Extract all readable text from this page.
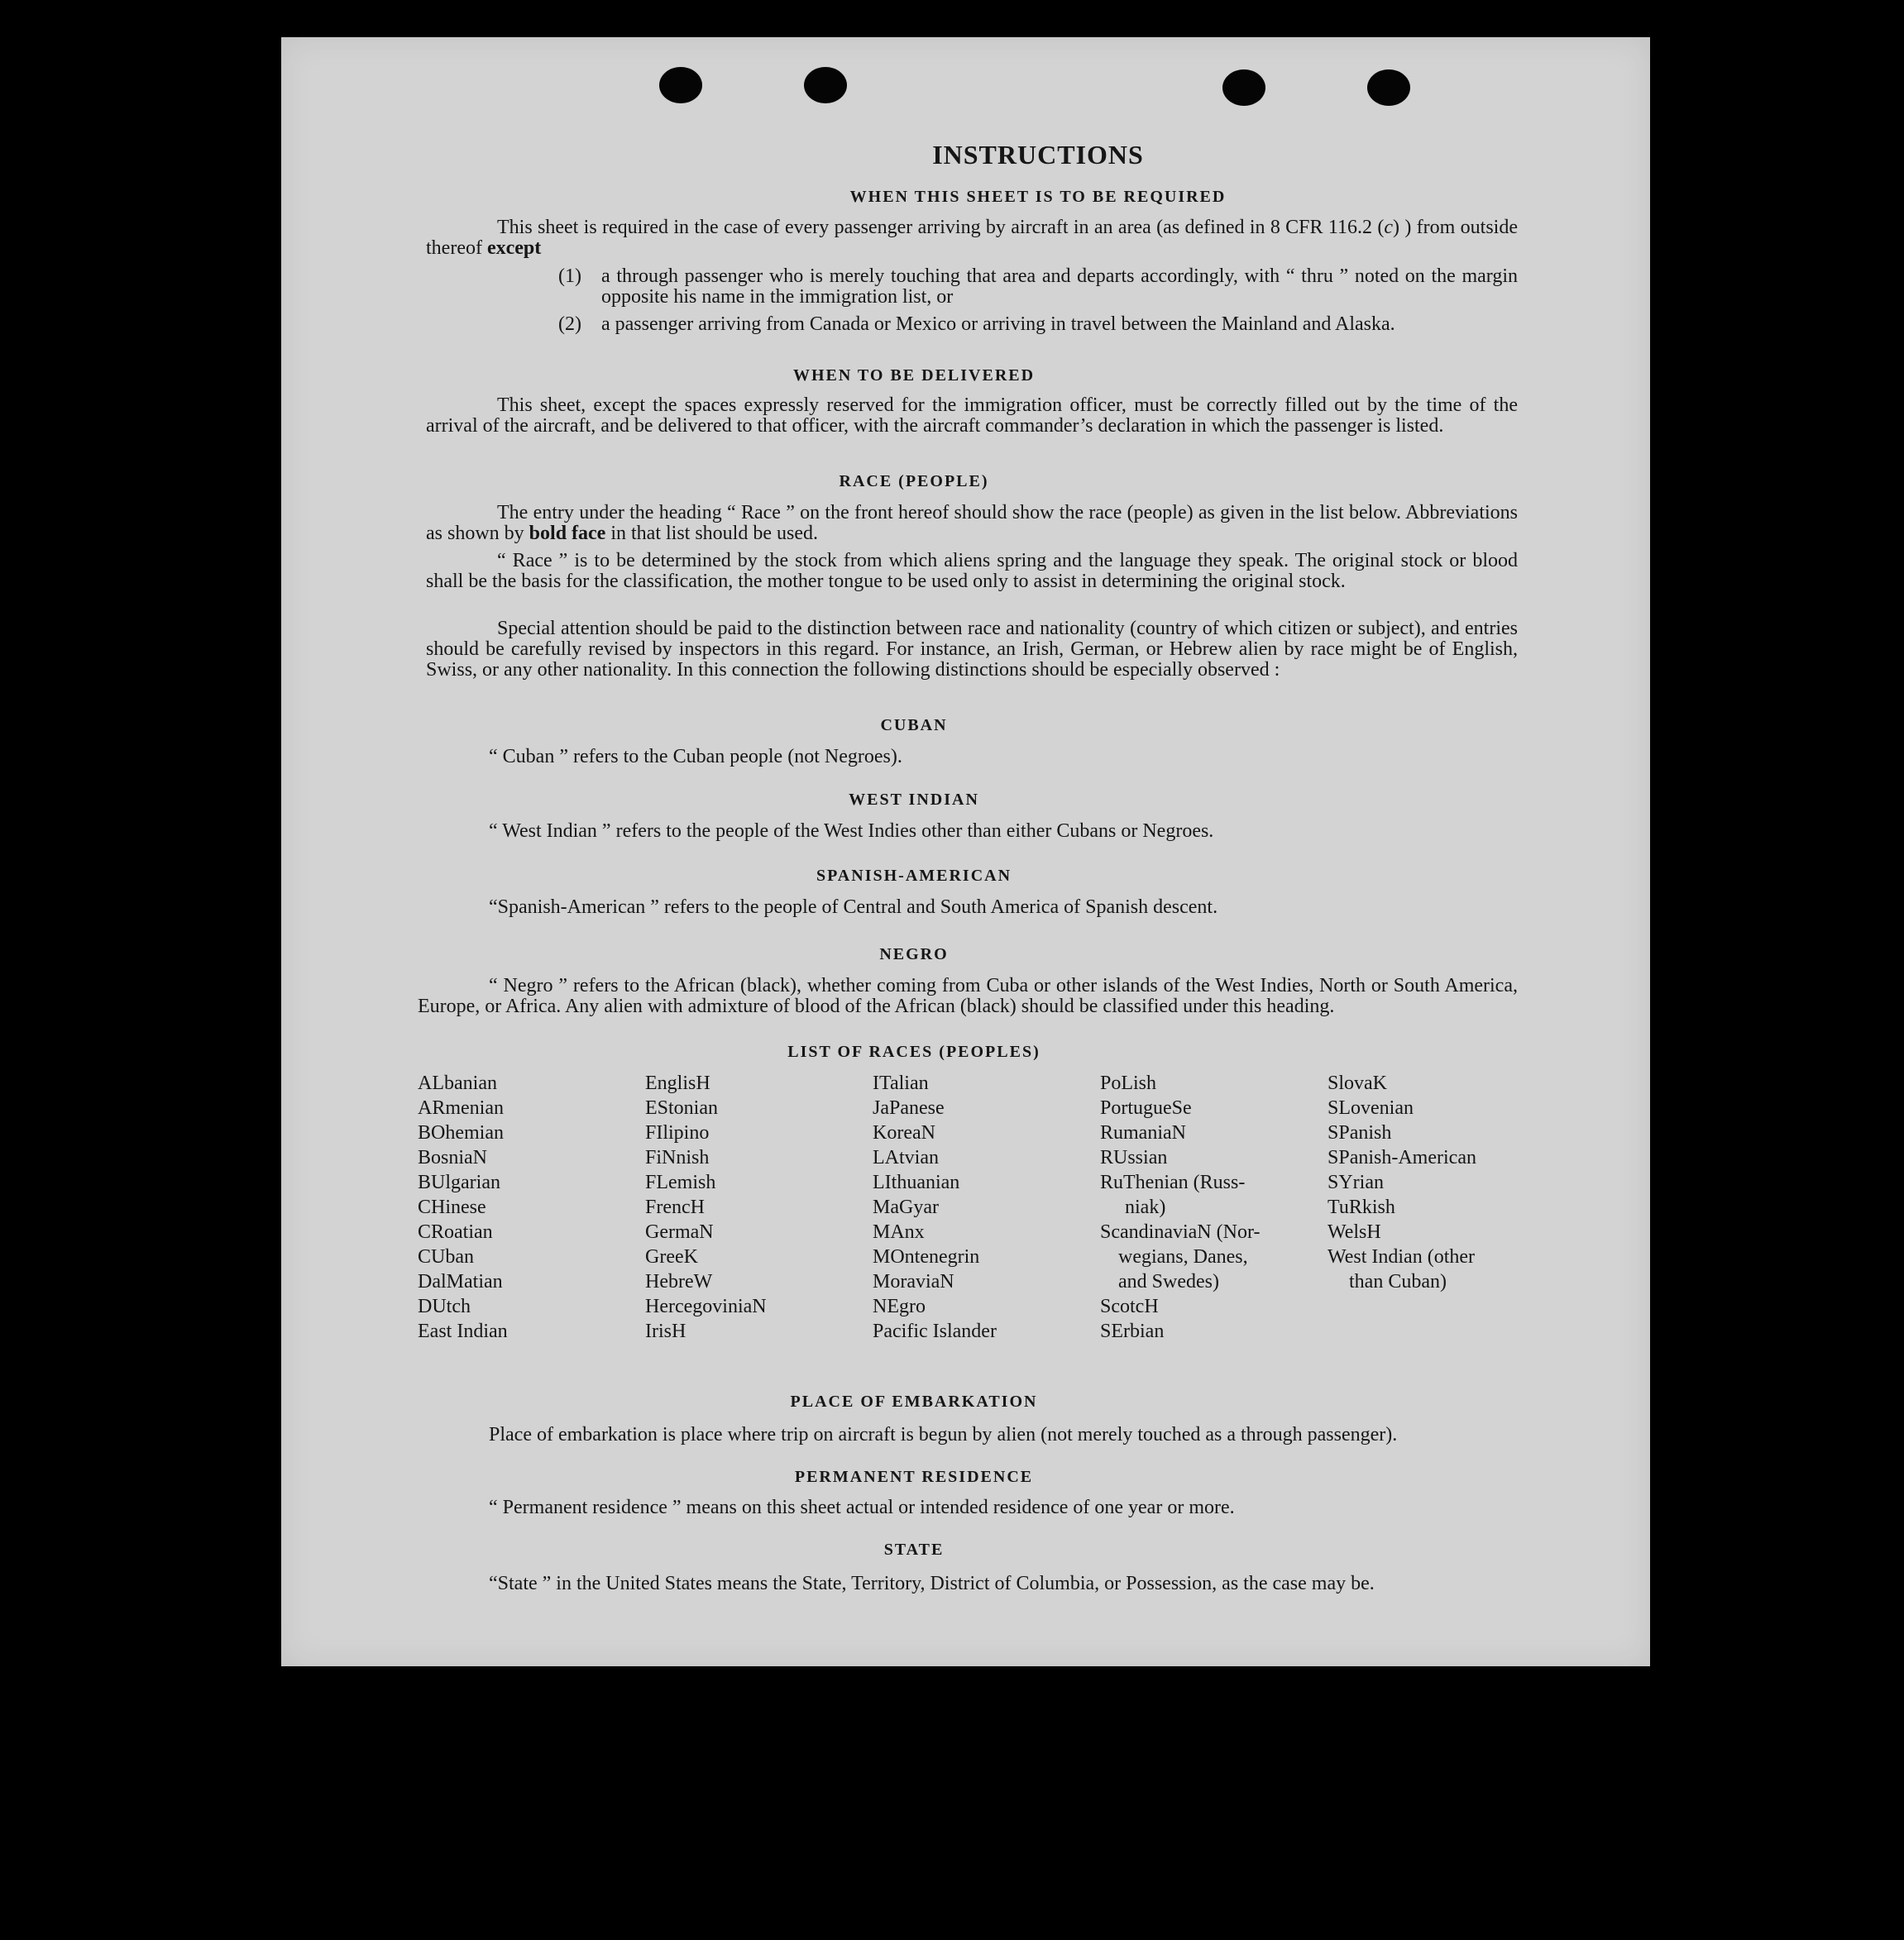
INSTRUCTIONS
WHEN THIS SHEET IS TO BE REQUIRED
This sheet is required in the case of every passenger arriving by aircraft in an area (as defined in 8 CFR 116.2 (c) ) from outside thereof except
(1) a through passenger who is merely touching that area and departs accordingly, with “ thru ” noted on the margin opposite his name in the immigration list, or
(2) a passenger arriving from Canada or Mexico or arriving in travel between the Mainland and Alaska.
WHEN TO BE DELIVERED
This sheet, except the spaces expressly reserved for the immigration officer, must be correctly filled out by the time of the arrival of the aircraft, and be delivered to that officer, with the aircraft commander’s declaration in which the passenger is listed.
RACE (PEOPLE)
The entry under the heading “ Race ” on the front hereof should show the race (people) as given in the list below. Abbreviations as shown by bold face in that list should be used.
“ Race ” is to be determined by the stock from which aliens spring and the language they speak. The original stock or blood shall be the basis for the classification, the mother tongue to be used only to assist in determining the original stock.
Special attention should be paid to the distinction between race and nationality (country of which citizen or subject), and entries should be carefully revised by inspectors in this regard. For instance, an Irish, German, or Hebrew alien by race might be of English, Swiss, or any other nationality. In this connection the following distinctions should be especially observed :
CUBAN
“ Cuban ” refers to the Cuban people (not Negroes).
WEST INDIAN
“ West Indian ” refers to the people of the West Indies other than either Cubans or Negroes.
SPANISH-AMERICAN
“Spanish-American ” refers to the people of Central and South America of Spanish descent.
NEGRO
“ Negro ” refers to the African (black), whether coming from Cuba or other islands of the West Indies, North or South America, Europe, or Africa. Any alien with admixture of blood of the African (black) should be classified under this heading.
LIST OF RACES (PEOPLES)
ALbanian
ARmenian
BOhemian
BosniaN
BUlgarian
CHinese
CRoatian
CUban
DalMatian
DUtch
East Indian
EnglisH
EStonian
FIlipino
FiNnish
FLemish
FrencH
GermaN
GreeK
HebreW
HercegoviniaN
IrisH
ITalian
JaPanese
KoreaN
LAtvian
LIthuanian
MaGyar
MAnx
MOntenegrin
MoraviaN
NEgro
Pacific Islander
PoLish
PortugueSe
RumaniaN
RUssian
RuThenian (Russ-
niak)
ScandinaviaN (Nor-
wegians, Danes,
and Swedes)
ScotcH
SErbian
SlovaK
SLovenian
SPanish
SPanish-American
SYrian
TuRkish
WelsH
West Indian (other
than Cuban)
PLACE OF EMBARKATION
Place of embarkation is place where trip on aircraft is begun by alien (not merely touched as a through passenger).
PERMANENT RESIDENCE
“ Permanent residence ” means on this sheet actual or intended residence of one year or more.
STATE
“State ” in the United States means the State, Territory, District of Columbia, or Possession, as the case may be.
